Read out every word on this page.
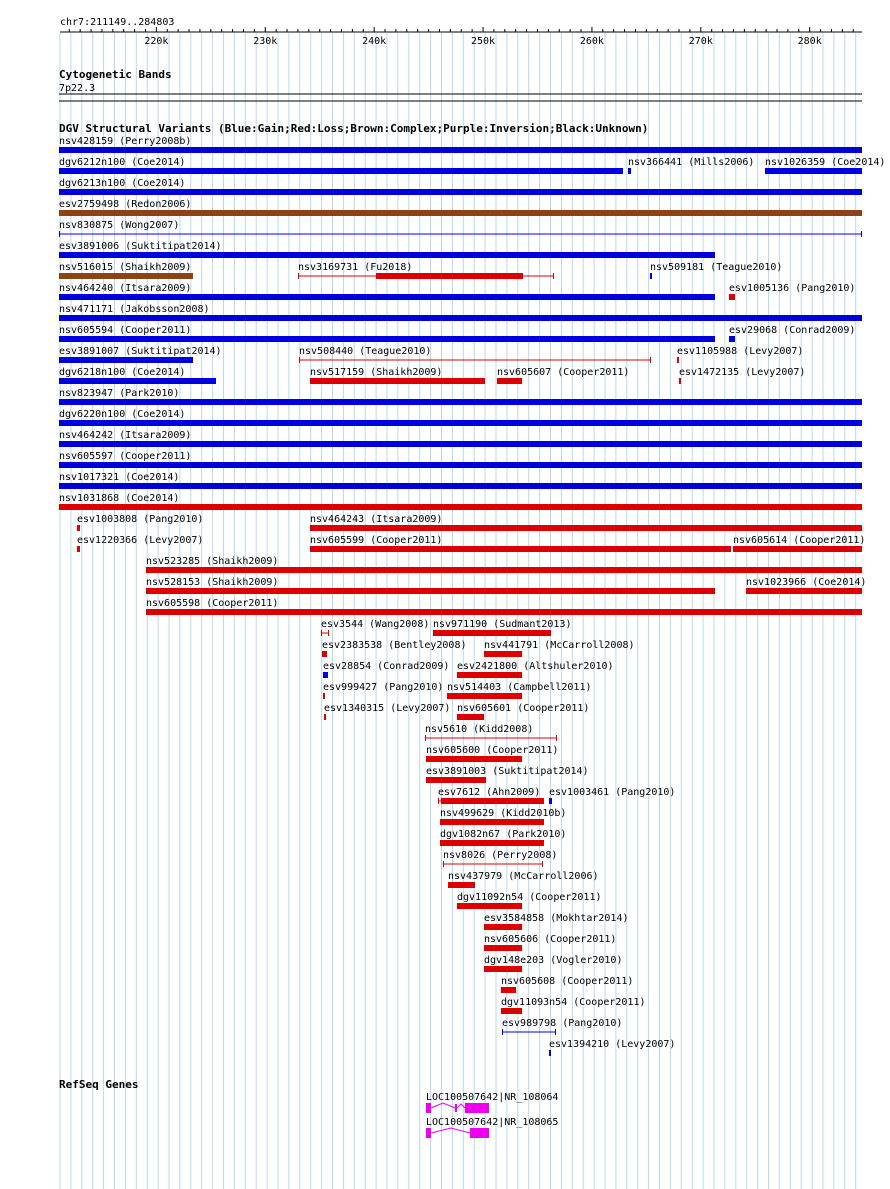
chr7:211149..284803
220k	230k	240k	250k	260k	270k	280k
Cytogenetic Bands
7p22.3
DGV Structural Variants (Blue:Gain;Red:Loss;Brown:Complex;Purple:Inversion;Black:Unknown)
nsv428159 (Perry2008b)
dgv6212n100 (Coe2014)	nsv366441 (Mills2006) nsv1026359 (Coe2014)
dgv6213n100 (Coe2014)
esv2759498 (Redon2006)
nsv830875 (Wong2007)
esv3891006 (Suktitipat2014)
nsv516015 (Shaikh2009)	nsv3169731 (Fu2018)	nsv509181 (Teague2010)
nsv464240 (Itsara2009)	esv1005136 (Pang2010)
nsv471171 (Jakobsson2008)
nsv605594 (Cooper2011)	esv29068 (Conrad2009)
esv3891007 (Suktitipat2014)	nsv508440 (Teague2010)	esv1105988 (Levy2007)
dgv6218n100 (Coe2014)	nsv517159 (Shaikh2009)	nsv605607 (Cooper2011)	esv1472135 (Levy2007)
nsv823947 (Park2010)
dgv6220n100 (Coe2014)
nsv464242 (Itsara2009)
nsv605597 (Cooper2011)
nsv1017321 (Coe2014)
nsv1031868 (Coe2014)
esv1003808 (Pang2010)	nsv464243 (Itsara2009)
esv1220366 (Levy2007)	nsv605599 (Cooper2011)	nsv605614 (Cooper2011)
nsv523285 (Shaikh2009)
nsv528153 (Shaikh2009)	nsv1023966 (Coe2014)
nsv605598 (Cooper2011)
esv3544 (Wang2008) nsv971190 (Sudmant2013)
esv2383538 (Bentley2008) nsv441791 (McCarroll2008)
esv28854 (Conrad2009) esv2421800 (Altshuler2010)
esv999427 (Pang2010) nsv514403 (Campbell2011)
esv1340315 (Levy2007) nsv605601 (Cooper2011)
nsv5610 (Kidd2008)
nsv605600 (Cooper2011)
esv3891003 (Suktitipat2014)
esv7612 (Ahn2009) esv1003461 (Pang2010)
nsv499629 (Kidd2010b)
dgv1082n67 (Park2010)
nsv8026 (Perry2008)
nsv437979 (McCarroll2006)
dgv11092n54 (Cooper2011)
esv3584858 (Mokhtar2014)
nsv605606 (Cooper2011)
dgv148e203 (Vogler2010)
nsv605608 (Cooper2011)
dgv11093n54 (Cooper2011)
esv989798 (Pang2010)
esv1394210 (Levy2007)
RefSeq Genes
LOC100507642|NR_108064
LOC100507642|NR_108065
